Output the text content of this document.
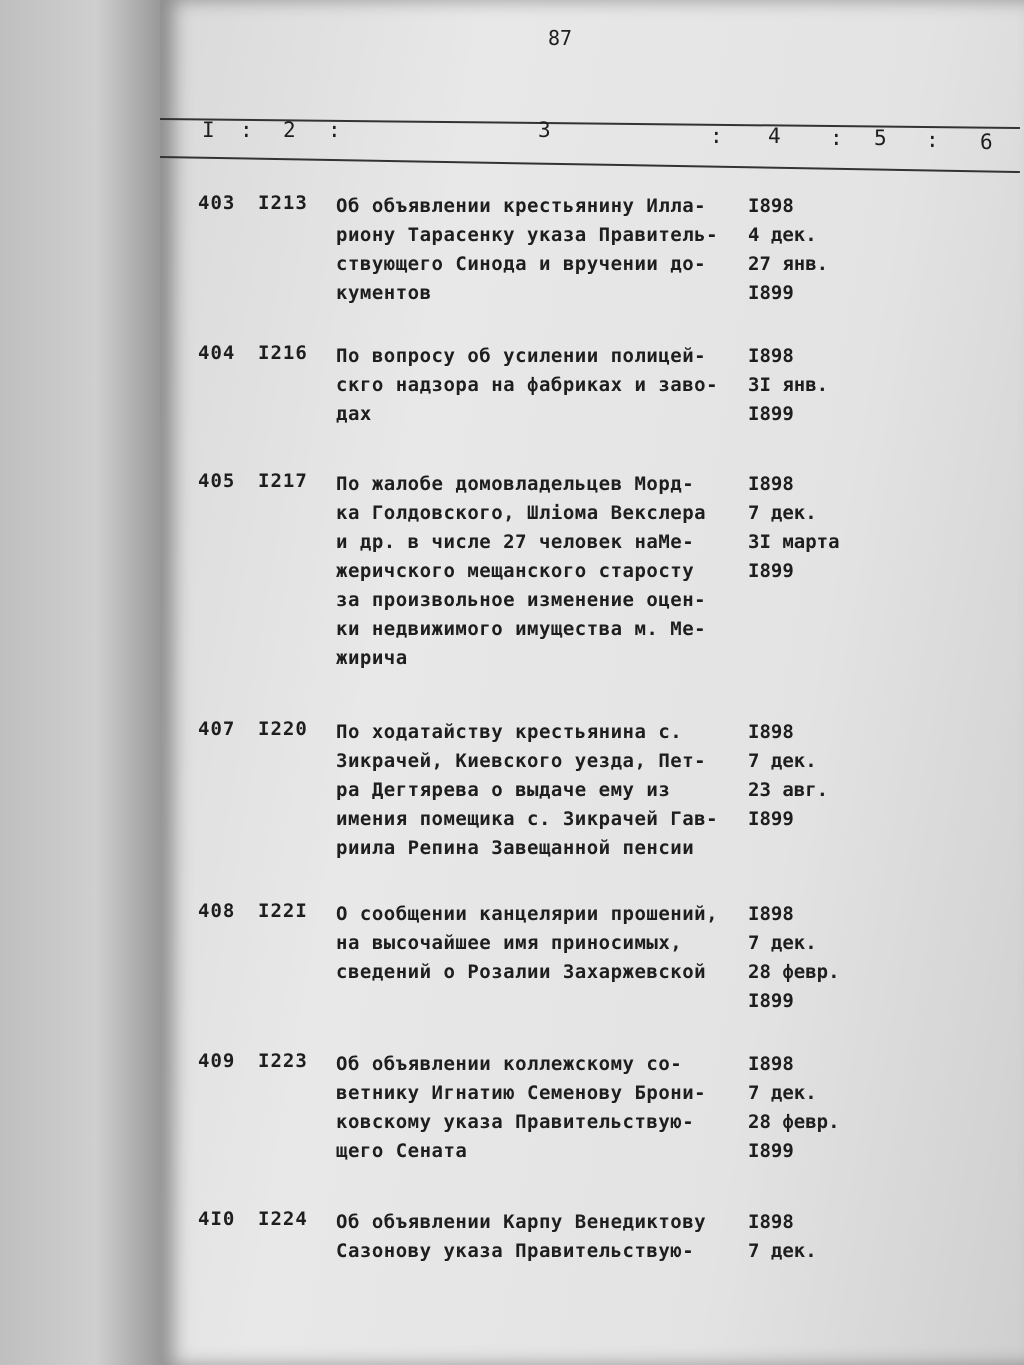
87
I : 2 :	3	: 4 : 5 : 6
403 I213 Об объявлении крестьянину Илла-
риону Тарасенку указа Правитель-
ствующего Синода и вручении до-
кументов
I898
4 дек.
27 янв.
I899
404 I216 По вопросу об усилении полицей-
скго надзора на фабриках и заво-
дах
I898
3I янв.
I899
405 I217 По жалобе домовладельцев Морд-
ка Голдовского, Шлiома Векслера
и др. в числе 27 человек наМе-
жеричского мещанского старосту
за произвольное изменение оцен-
ки недвижимого имущества м. Ме-
жирича
I898
7 дек.
3I марта
I899
407 I220 По ходатайству крестьянина с.
Зикрачей, Киевского уезда, Пет-
ра Дегтярева о выдаче ему из
имения помещика с. Зикрачей Гав-
риила Репина Завещанной пенсии
I898
7 дек.
23 авг.
I899
408 I22I О сообщении канцелярии прошений,
на высочайшее имя приносимых,
сведений о Розалии Захаржевской
I898
7 дек.
28 февр.
I899
409 I223 Об объявлении коллежскому со-
ветнику Игнатию Семенову Брони-
ковскому указа Правительствую-
щего Сената
I898
7 дек.
28 февр.
I899
4I0 I224 Об объявлении Карпу Венедиктову
Сазонову указа Правительствую-
I898
7 дек.
